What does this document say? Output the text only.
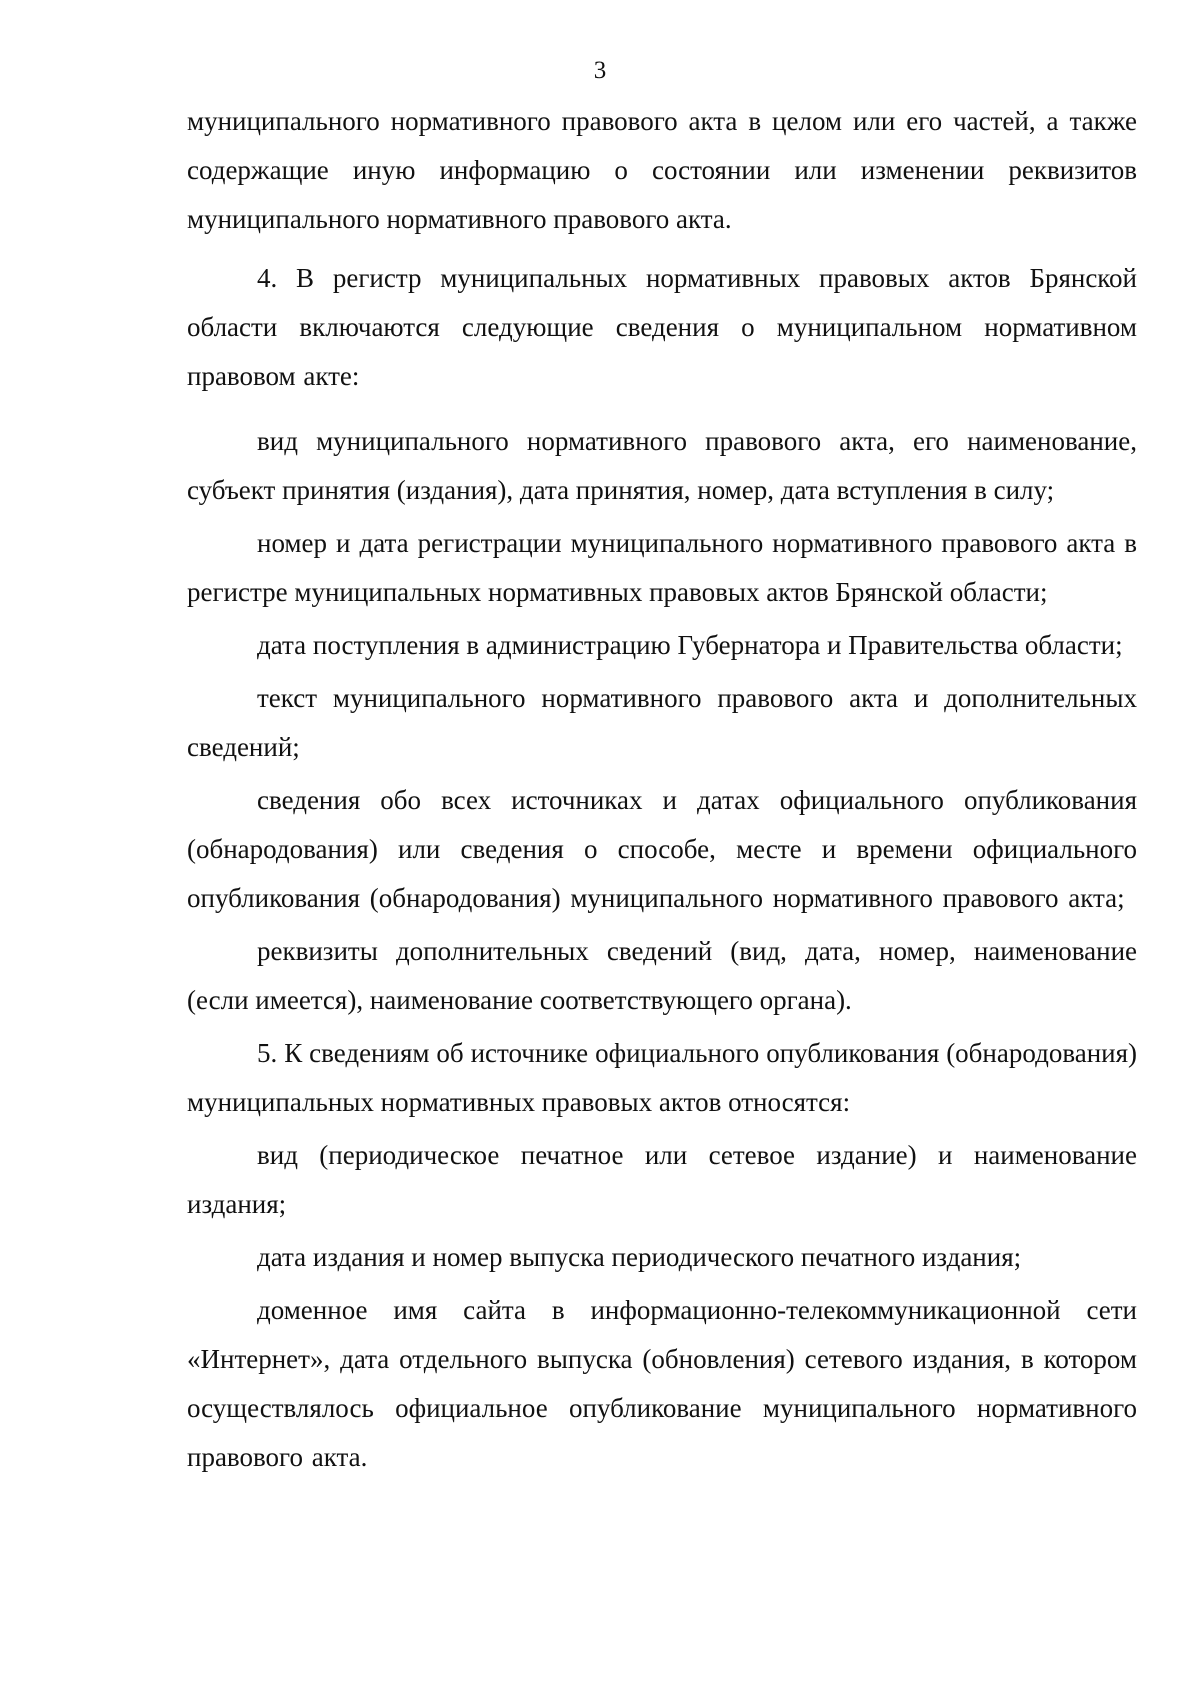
3

муниципального нормативного правового акта в целом или его частей, а также содержащие иную информацию о состоянии или изменении реквизитов муниципального нормативного правового акта.

4. В регистр муниципальных нормативных правовых актов Брянской области включаются следующие сведения о муниципальном нормативном правовом акте:

вид муниципального нормативного правового акта, его наименование, субъект принятия (издания), дата принятия, номер, дата вступления в силу;

номер и дата регистрации муниципального нормативного правового акта в регистре муниципальных нормативных правовых актов Брянской области;

дата поступления в администрацию Губернатора и Правительства области;

текст муниципального нормативного правового акта и дополнительных сведений;

сведения обо всех источниках и датах официального опубликования (обнародования) или сведения о способе, месте и времени официального опубликования (обнародования) муниципального нормативного правового акта;

реквизиты дополнительных сведений (вид, дата, номер, наименование (если имеется), наименование соответствующего органа).

5. К сведениям об источнике официального опубликования (обнародования) муниципальных нормативных правовых актов относятся:

вид (периодическое печатное или сетевое издание) и наименование издания;

дата издания и номер выпуска периодического печатного издания;

доменное имя сайта в информационно-телекоммуникационной сети «Интернет», дата отдельного выпуска (обновления) сетевого издания, в котором осуществлялось официальное опубликование муниципального нормативного правового акта.
